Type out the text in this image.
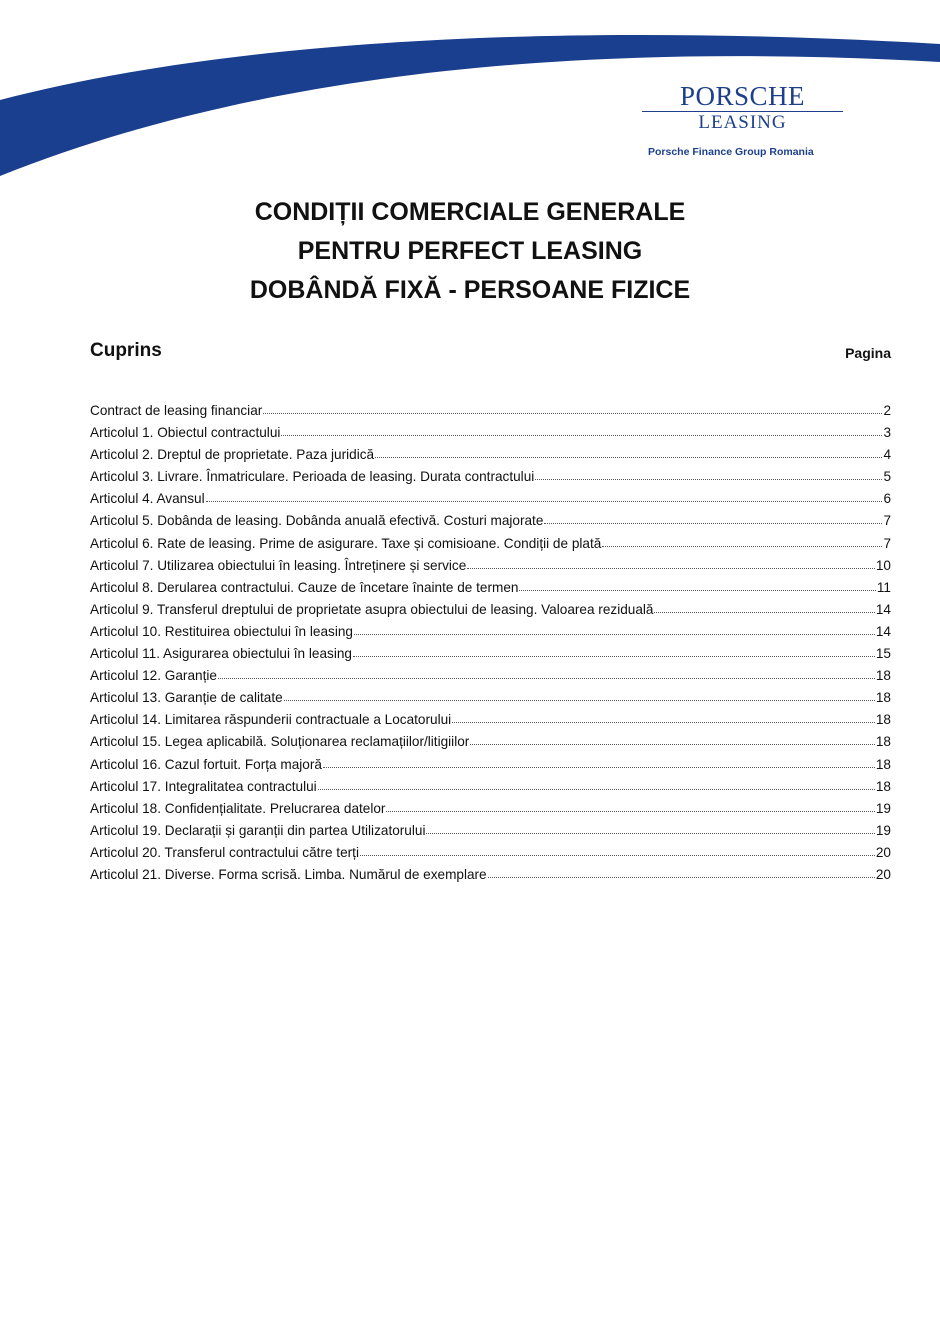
PORSCHE
LEASING
Porsche Finance Group Romania
CONDIȚII COMERCIALE GENERALE
PENTRU PERFECT LEASING
DOBÂNDĂ FIXĂ - PERSOANE FIZICE
Cuprins	Pagina
Contract de leasing financiar	2
Articolul 1. Obiectul contractului	3
Articolul 2. Dreptul de proprietate. Paza juridică	4
Articolul 3. Livrare. Înmatriculare. Perioada de leasing. Durata contractului	5
Articolul 4. Avansul	6
Articolul 5. Dobânda de leasing. Dobânda anuală efectivă. Costuri majorate	7
Articolul 6. Rate de leasing. Prime de asigurare. Taxe și comisioane. Condiții de plată	7
Articolul 7. Utilizarea obiectului în leasing. Întreținere și service	10
Articolul 8. Derularea contractului. Cauze de încetare înainte de termen	11
Articolul 9. Transferul dreptului de proprietate asupra obiectului de leasing. Valoarea reziduală	14
Articolul 10. Restituirea obiectului în leasing	14
Articolul 11. Asigurarea obiectului în leasing	15
Articolul 12. Garanție	18
Articolul 13. Garanție de calitate	18
Articolul 14. Limitarea răspunderii contractuale a Locatorului	18
Articolul 15. Legea aplicabilă. Soluționarea reclamațiilor/litigiilor	18
Articolul 16. Cazul fortuit. Forța majoră	18
Articolul 17. Integralitatea contractului	18
Articolul 18. Confidențialitate. Prelucrarea datelor	19
Articolul 19. Declarații și garanții din partea Utilizatorului	19
Articolul 20. Transferul contractului către terți	20
Articolul 21. Diverse. Forma scrisă. Limba. Numărul de exemplare	20
